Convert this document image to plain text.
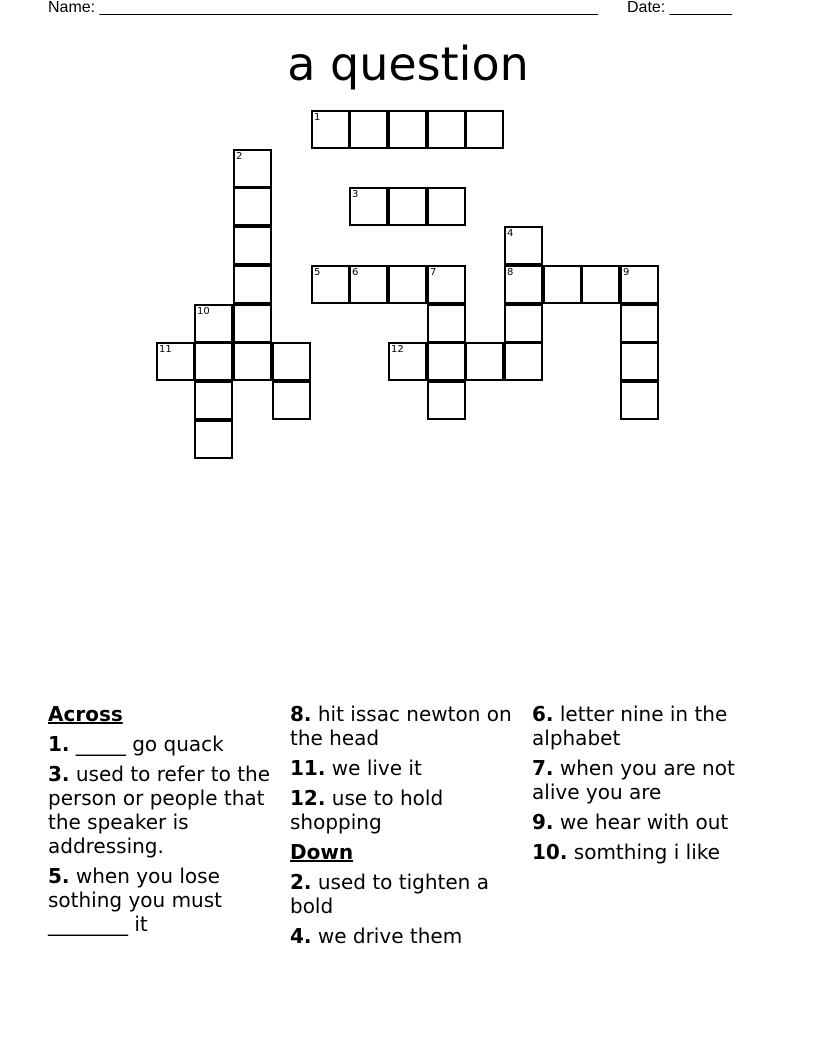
Name: ________________________________________________________ Date: _______
a question
1
2
3
4
5	6	7	8	9
10
11	12
Across
1. _____ go quack
3. used to refer to the person or people that the speaker is addressing.
5. when you lose sothing you must ________ it
8. hit issac newton on the head
11. we live it
12. use to hold shopping
Down
2. used to tighten a bold
4. we drive them
6. letter nine in the alphabet
7. when you are not alive you are
9. we hear with out
10. somthing i like
